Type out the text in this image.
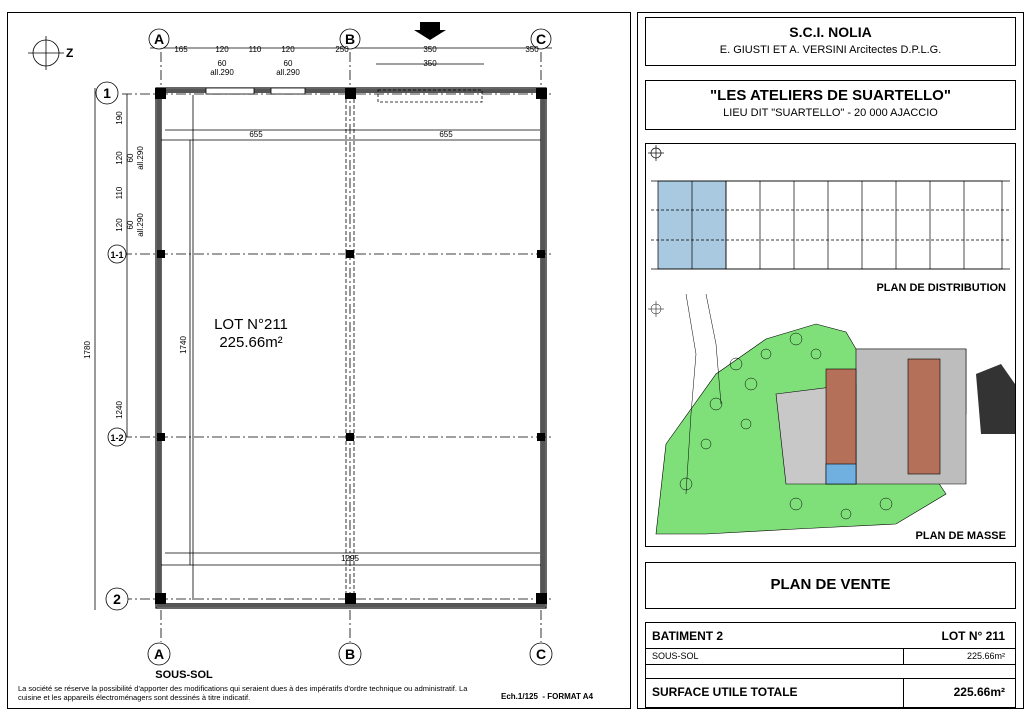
Z
A	B	C
A	B	C
1
1-1
1-2
2
165	120 110 120	250	350	350
60	60	350
all.290	all.290
190
120
110
120
1240
1780	1740
60
60
all.290
all.290
655	655
1295
LOT N°211
225.66m²
SOUS-SOL
La société se réserve la possibilité d'apporter des modifications qui seraient dues à des impératifs d'ordre technique ou administratif. La cuisine et les appareils électroménagers sont dessinés à titre indicatif.	Ech.1/125  - FORMAT A4
S.C.I. NOLIA
E. GIUSTI ET A. VERSINI Arcitectes D.P.L.G.
"LES ATELIERS DE SUARTELLO"
LIEU DIT "SUARTELLO" - 20 000 AJACCIO
PLAN DE DISTRIBUTION
PLAN DE MASSE
PLAN DE VENTE
BATIMENT 2	LOT N° 211
SOUS-SOL	225.66m²
SURFACE UTILE TOTALE	225.66m²
